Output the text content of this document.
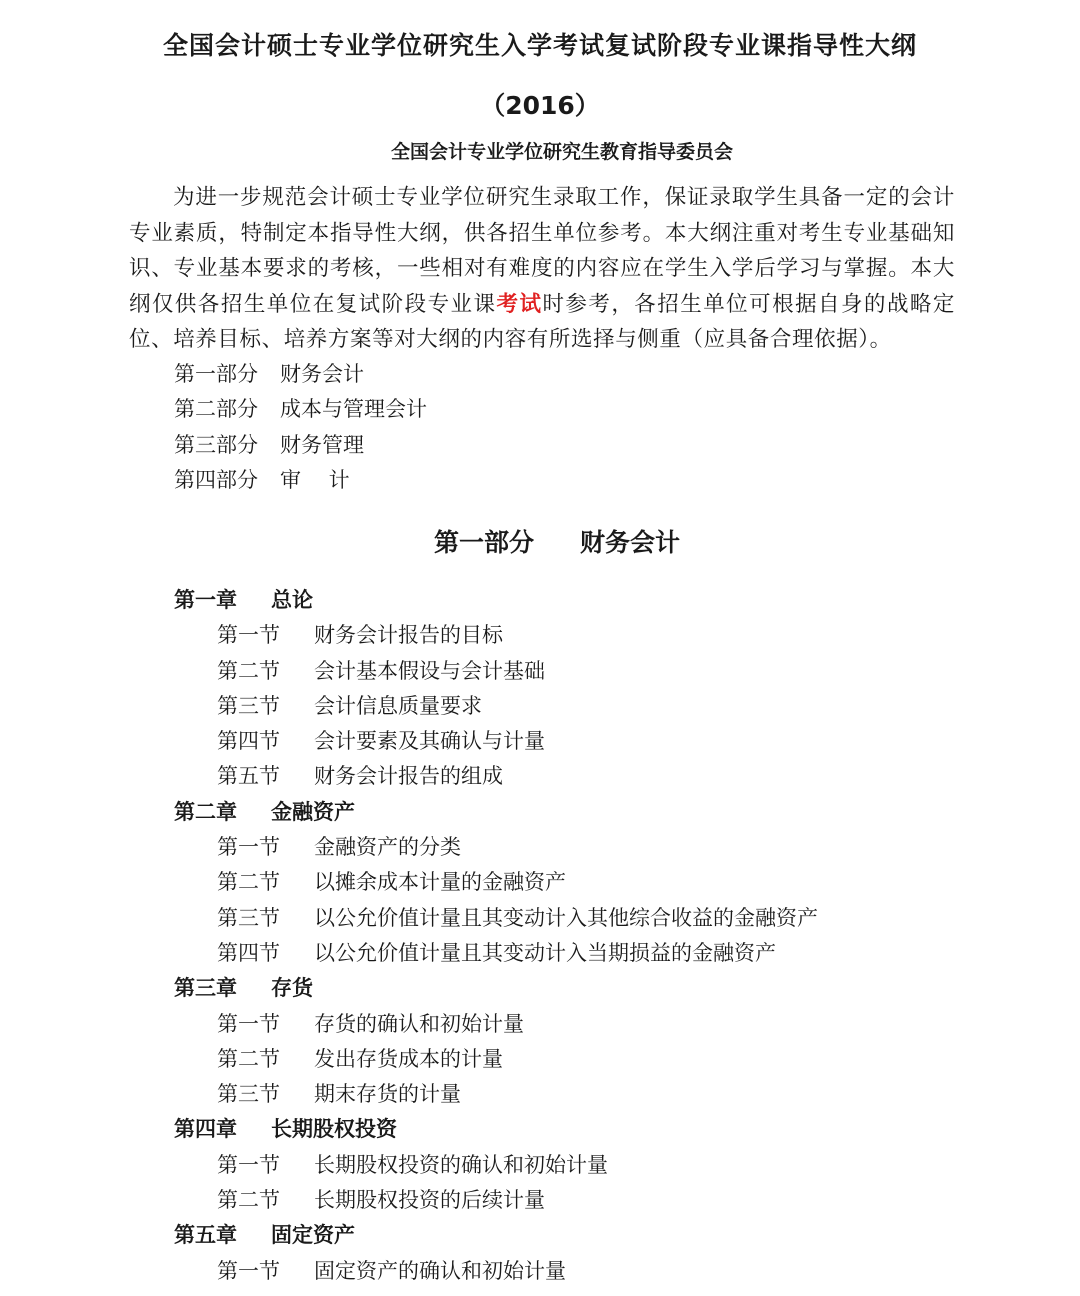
全国会计硕士专业学位研究生入学考试复试阶段专业课指导性大纲
（2016）
全国会计专业学位研究生教育指导委员会

为进一步规范会计硕士专业学位研究生录取工作，保证录取学生具备一定的会计专业素质，特制定本指导性大纲，供各招生单位参考。本大纲注重对考生专业基础知识、专业基本要求的考核，一些相对有难度的内容应在学生入学后学习与掌握。本大纲仅供各招生单位在复试阶段专业课考试时参考，各招生单位可根据自身的战略定位、培养目标、培养方案等对大纲的内容有所选择与侧重（应具备合理依据）。

第一部分 财务会计
第二部分 成本与管理会计
第三部分 财务管理
第四部分 审　 计
第一部分 财务会计
第一章 总论
第一节 财务会计报告的目标
第二节 会计基本假设与会计基础
第三节 会计信息质量要求
第四节 会计要素及其确认与计量
第五节 财务会计报告的组成
第二章 金融资产
第一节 金融资产的分类
第二节 以摊余成本计量的金融资产
第三节 以公允价值计量且其变动计入其他综合收益的金融资产
第四节 以公允价值计量且其变动计入当期损益的金融资产
第三章 存货
第一节 存货的确认和初始计量
第二节 发出存货成本的计量
第三节 期末存货的计量
第四章 长期股权投资
第一节 长期股权投资的确认和初始计量
第二节 长期股权投资的后续计量
第五章 固定资产
第一节 固定资产的确认和初始计量
